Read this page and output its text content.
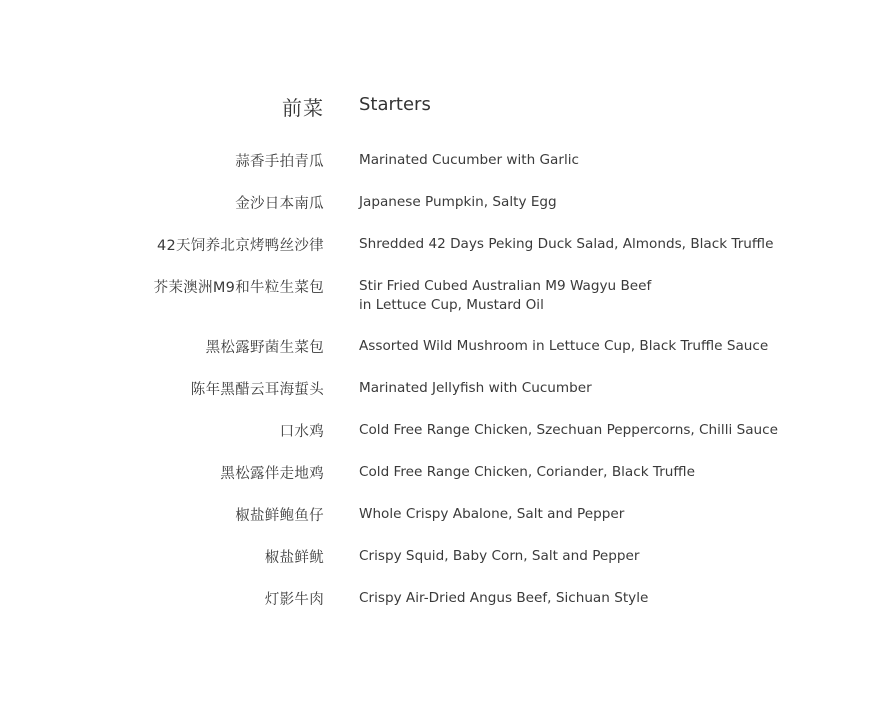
前菜 Starters
蒜香手拍青瓜	Marinated Cucumber with Garlic
金沙日本南瓜	Japanese Pumpkin, Salty Egg
42天饲养北京烤鸭丝沙律	Shredded 42 Days Peking Duck Salad, Almonds, Black Truffle
芥茉澳洲M9和牛粒生菜包	Stir Fried Cubed Australian M9 Wagyu Beef in Lettuce Cup, Mustard Oil
黑松露野菌生菜包	Assorted Wild Mushroom in Lettuce Cup, Black Truffle Sauce
陈年黑醋云耳海蜇头	Marinated Jellyfish with Cucumber
口水鸡	Cold Free Range Chicken, Szechuan Peppercorns, Chilli Sauce
黑松露伴走地鸡	Cold Free Range Chicken, Coriander, Black Truffle
椒盐鲜鲍鱼仔	Whole Crispy Abalone, Salt and Pepper
椒盐鲜鱿	Crispy Squid, Baby Corn, Salt and Pepper
灯影牛肉	Crispy Air-Dried Angus Beef, Sichuan Style
